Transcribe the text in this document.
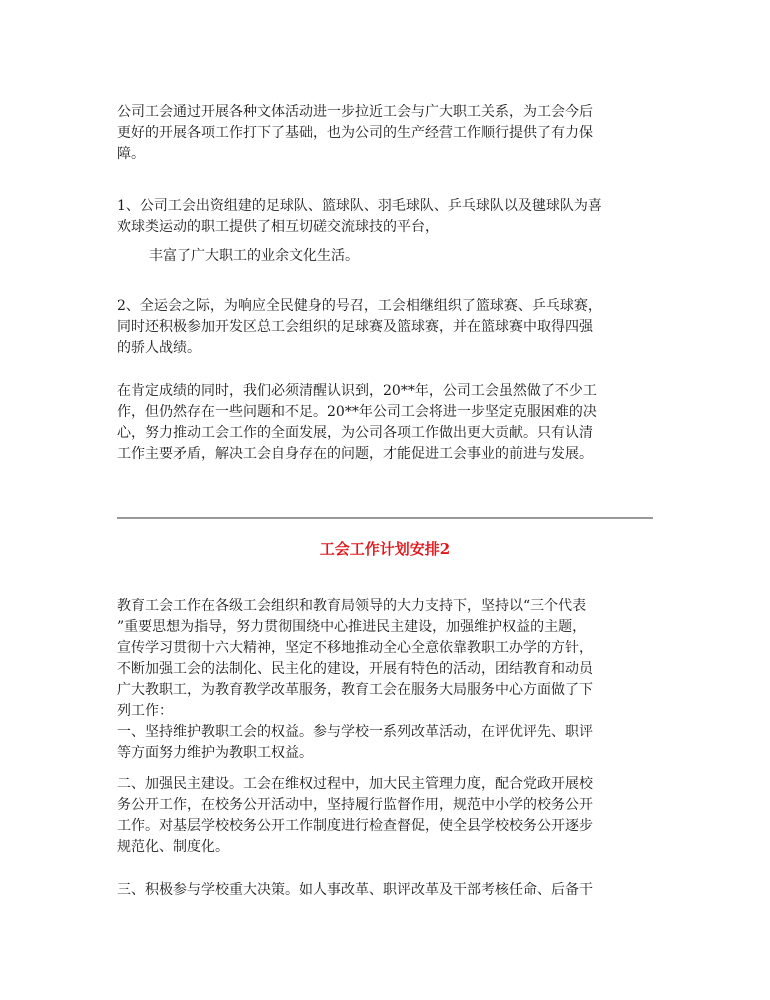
公司工会通过开展各种文体活动进一步拉近工会与广大职工关系，为工会今后
更好的开展各项工作打下了基础，也为公司的生产经营工作顺行提供了有力保
障。

1、公司工会出资组建的足球队、篮球队、羽毛球队、乒乓球队以及毽球队为喜
欢球类运动的职工提供了相互切磋交流球技的平台，

丰富了广大职工的业余文化生活。

2、全运会之际，为响应全民健身的号召，工会相继组织了篮球赛、乒乓球赛，
同时还积极参加开发区总工会组织的足球赛及篮球赛，并在篮球赛中取得四强
的骄人战绩。

在肯定成绩的同时，我们必须清醒认识到，20**年，公司工会虽然做了不少工
作，但仍然存在一些问题和不足。20**年公司工会将进一步坚定克服困难的决
心，努力推动工会工作的全面发展，为公司各项工作做出更大贡献。只有认清
工作主要矛盾，解决工会自身存在的问题，才能促进工会事业的前进与发展。

工会工作计划安排2

教育工会工作在各级工会组织和教育局领导的大力支持下，坚持以“三个代表
”重要思想为指导，努力贯彻围绕中心推进民主建设，加强维护权益的主题，
宣传学习贯彻十六大精神，坚定不移地推动全心全意依靠教职工办学的方针，
不断加强工会的法制化、民主化的建设，开展有特色的活动，团结教育和动员
广大教职工，为教育教学改革服务，教育工会在服务大局服务中心方面做了下
列工作：
一、坚持维护教职工会的权益。参与学校一系列改革活动，在评优评先、职评
等方面努力维护为教职工权益。

二、加强民主建设。工会在维权过程中，加大民主管理力度，配合党政开展校
务公开工作，在校务公开活动中，坚持履行监督作用，规范中小学的校务公开
工作。对基层学校校务公开工作制度进行检查督促，使全县学校校务公开逐步
规范化、制度化。

三、积极参与学校重大决策。如人事改革、职评改革及干部考核任命、后备干
